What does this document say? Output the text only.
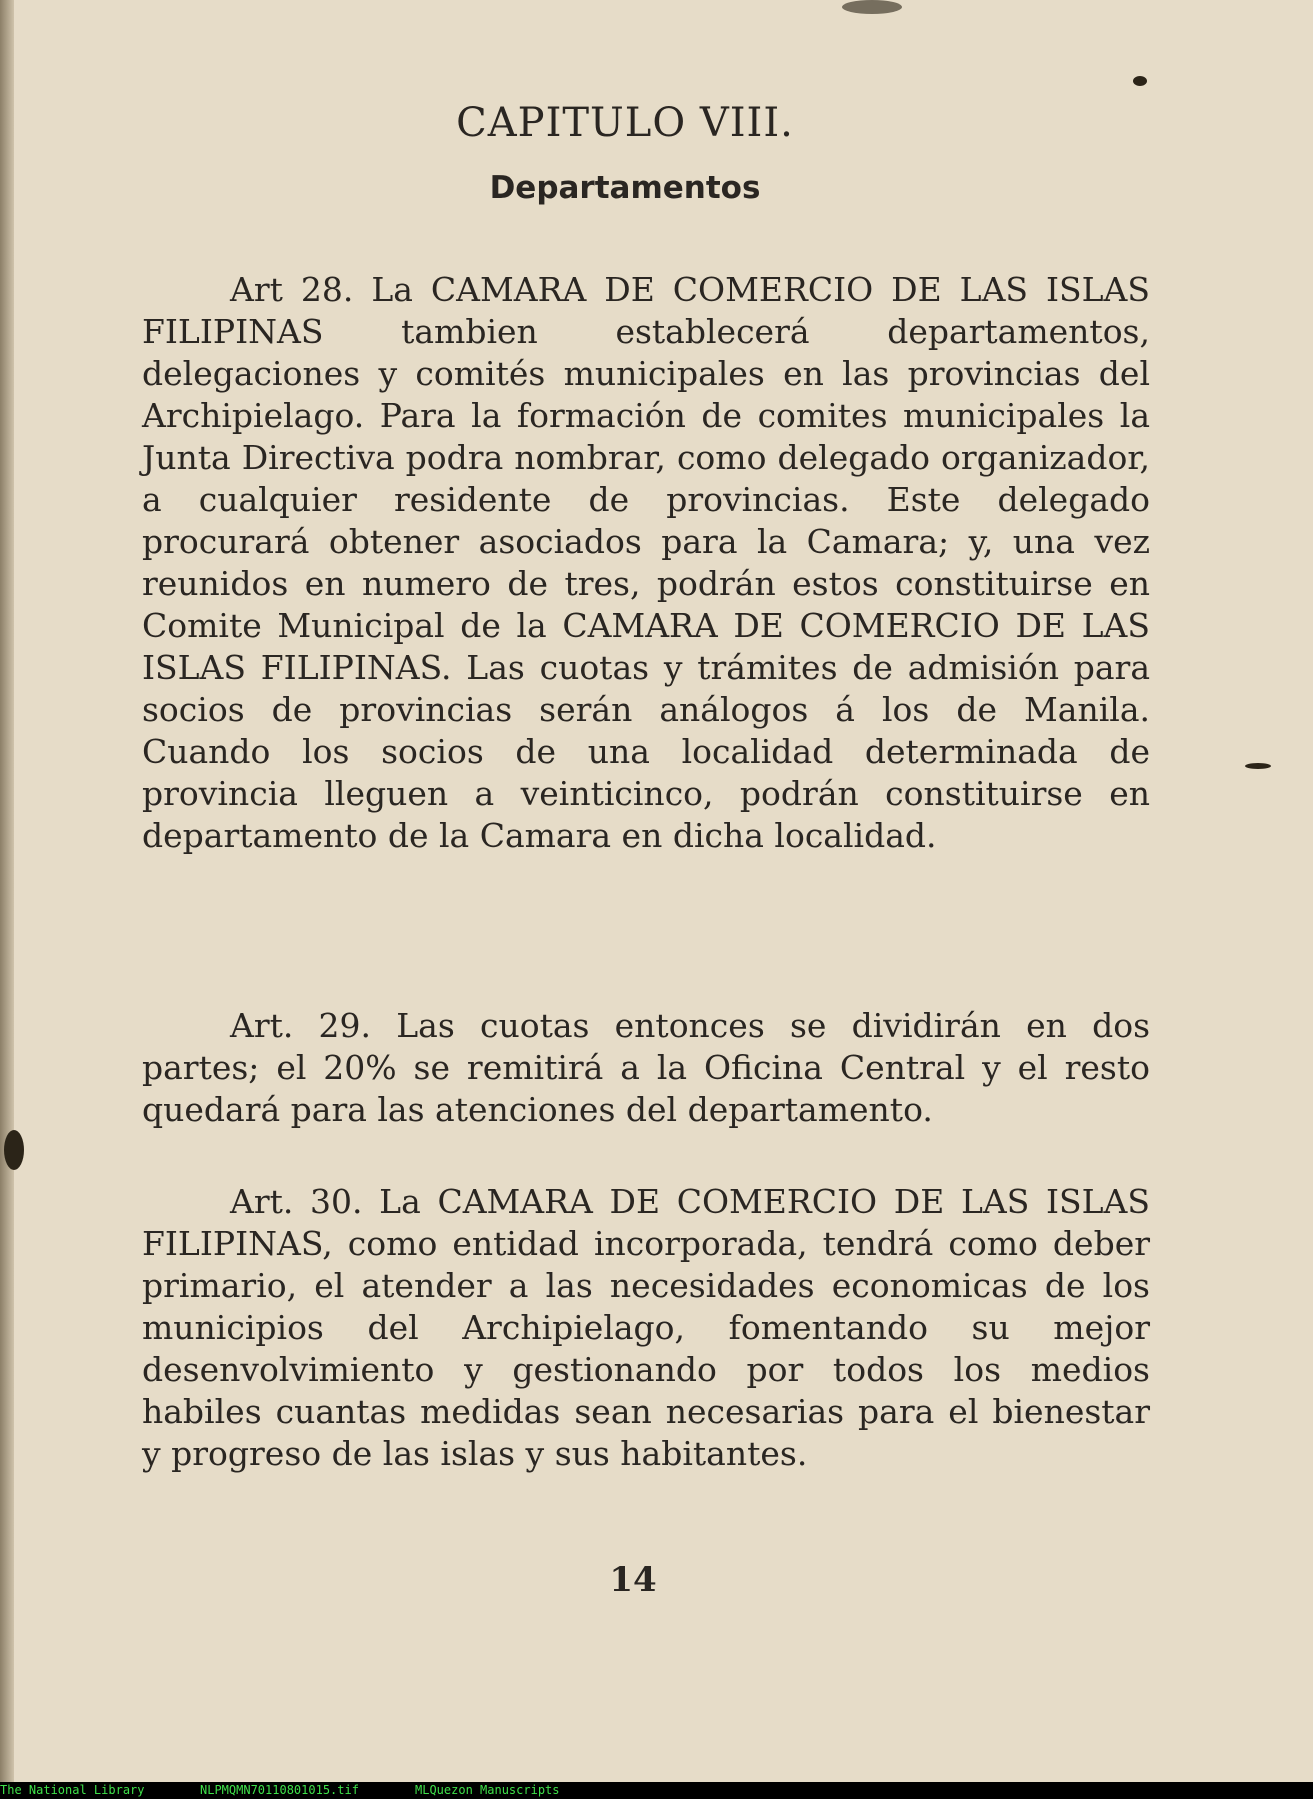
CAPITULO VIII.
Departamentos

Art 28. La CAMARA DE COMERCIO DE LAS ISLAS FILIPINAS tambien establecerá departamentos, delegaciones y comités municipales en las provincias del Archipielago. Para la formación de comites municipales la Junta Directiva podra nombrar, como delegado organizador, a cualquier residente de provincias. Este delegado procurará obtener asociados para la Camara; y, una vez reunidos en numero de tres, podrán estos constituirse en Comite Municipal de la CAMARA DE COMERCIO DE LAS ISLAS FILIPINAS. Las cuotas y trámites de admisión para socios de provincias serán análogos á los de Manila. Cuando los socios de una localidad determinada de provincia lleguen a veinticinco, podrán constituirse en departamento de la Camara en dicha localidad.

Art. 29. Las cuotas entonces se dividirán en dos partes; el 20% se remitirá a la Oficina Central y el resto quedará para las atenciones del departamento.

Art. 30. La CAMARA DE COMERCIO DE LAS ISLAS FILIPINAS, como entidad incorporada, tendrá como deber primario, el atender a las necesidades economicas de los municipios del Archipielago, fomentando su mejor desenvolvimiento y gestionando por todos los medios habiles cuantas medidas sean necesarias para el bienestar y progreso de las islas y sus habitantes.

14
The National Library	NLPMQMN70110801015.tif	MLQuezon Manuscripts
